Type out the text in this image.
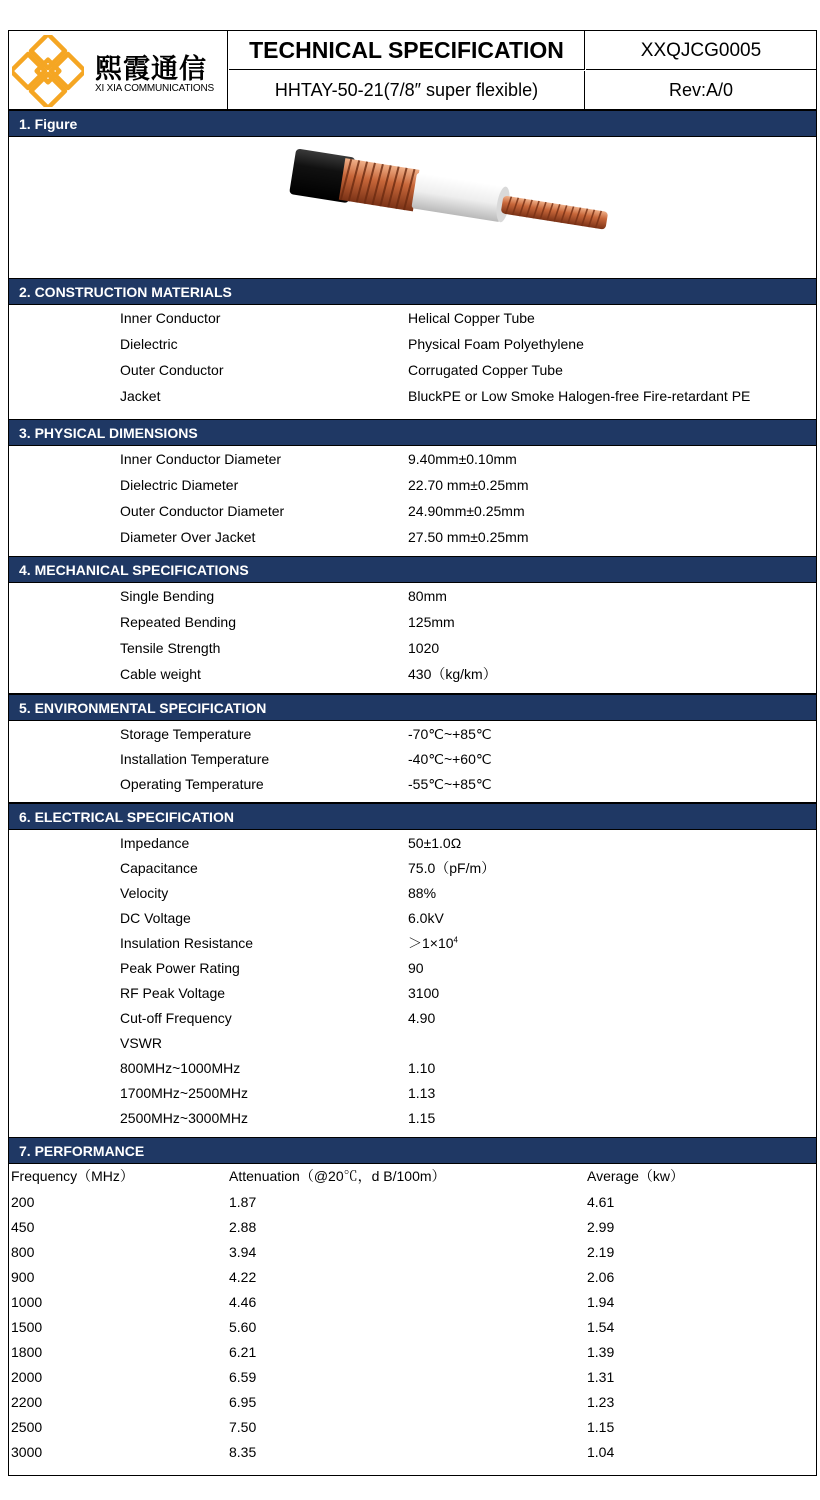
熙霞通信
XI XIA COMMUNICATIONS
TECHNICAL SPECIFICATION	XXQJCG0005
HHTAY-50-21(7/8″ super flexible)	Rev:A/0
1. Figure
2. CONSTRUCTION MATERIALS
Inner Conductor	Helical Copper Tube
Dielectric	Physical Foam Polyethylene
Outer Conductor	Corrugated Copper Tube
Jacket	BluckPE or Low Smoke Halogen-free Fire-retardant PE
3. PHYSICAL DIMENSIONS
Inner Conductor Diameter	9.40mm±0.10mm
Dielectric Diameter	22.70 mm±0.25mm
Outer Conductor Diameter	24.90mm±0.25mm
Diameter Over Jacket	27.50 mm±0.25mm
4. MECHANICAL SPECIFICATIONS
Single Bending	80mm
Repeated Bending	125mm
Tensile Strength	1020
Cable weight	430（kg/km）
5. ENVIRONMENTAL SPECIFICATION
Storage Temperature	-70℃~+85℃
Installation Temperature	-40℃~+60℃
Operating Temperature	-55℃~+85℃
6. ELECTRICAL SPECIFICATION
Impedance	50±1.0Ω
Capacitance	75.0（pF/m）
Velocity	88%
DC Voltage	6.0kV
Insulation Resistance	$>1\times 10^4$
Peak Power Rating	90
RF Peak Voltage	3100
Cut-off Frequency	4.90
VSWR
800MHz~1000MHz	1.10
1700MHz~2500MHz	1.13
2500MHz~3000MHz	1.15
7. PERFORMANCE
Frequency（MHz）	Attenuation（@20℃，d B/100m）	Average（kw）
200	1.87	4.61
450	2.88	2.99
800	3.94	2.19
900	4.22	2.06
1000	4.46	1.94
1500	5.60	1.54
1800	6.21	1.39
2000	6.59	1.31
2200	6.95	1.23
2500	7.50	1.15
3000	8.35	1.04
